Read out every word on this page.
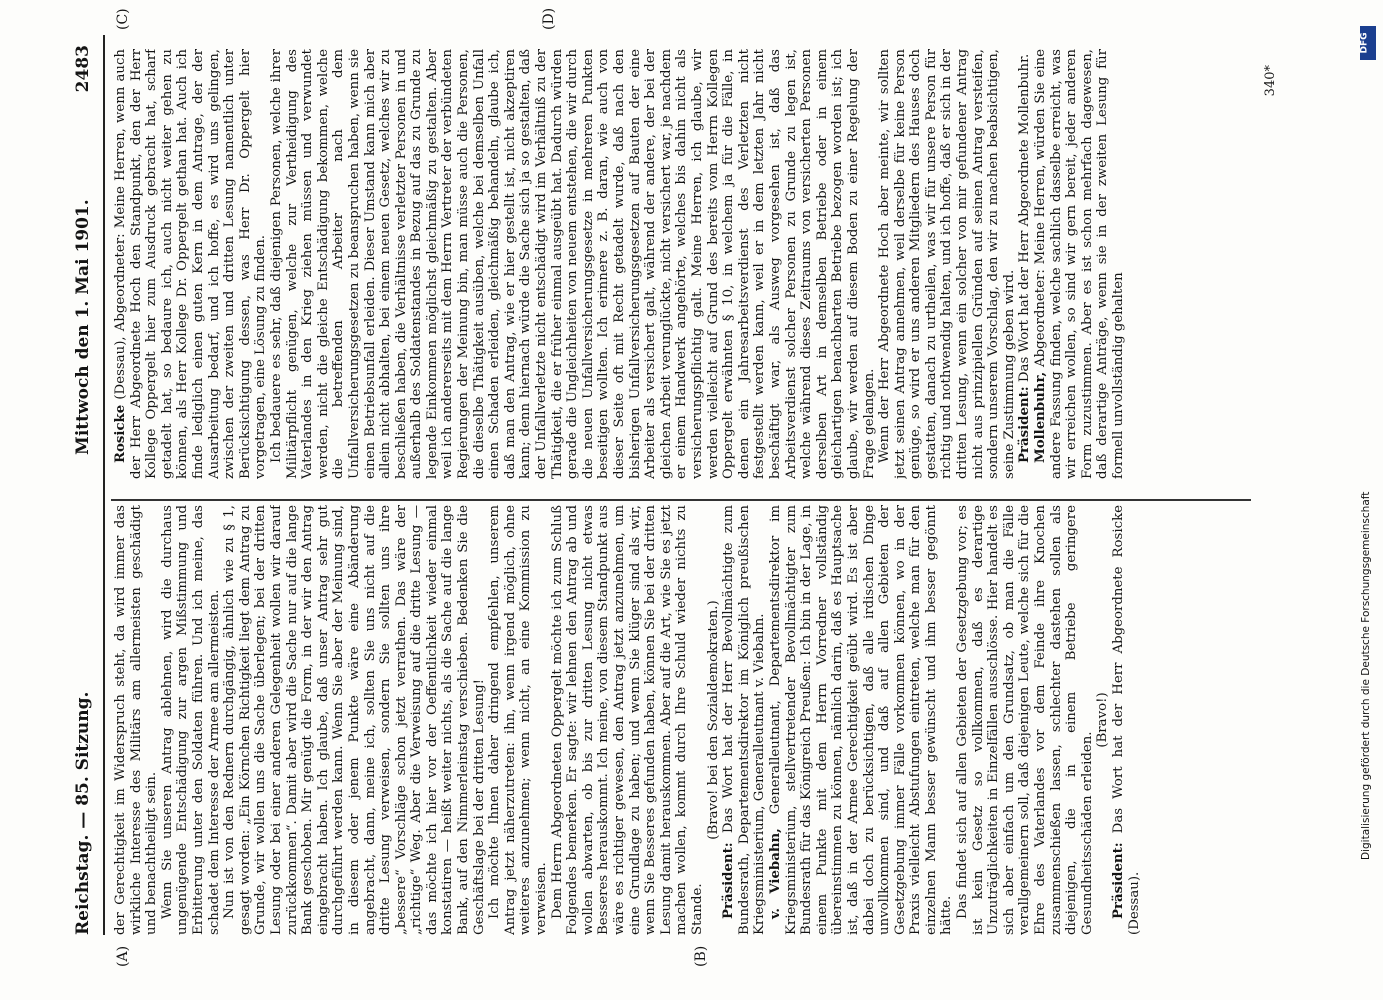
Reichstag. — 85. Sitzung.
Mittwoch den 1. Mai 1901.
2483
(A)	(B)
(C)	(D)

der Gerechtigkeit im Widerspruch steht, da wird immer das wirkliche Interesse des Militärs am allermeisten geschädigt und benachtheiligt sein. Wenn Sie unseren Antrag ablehnen, wird die durchaus ungenügende Entschädigung zur argen Mißstimmung und Erbitterung unter den Soldaten führen. Und ich meine, das schadet dem Interesse der Armee am allermeisten. Nun ist von den Rednern durchgängig, ähnlich wie zu § 1, gesagt worden: „Ein Körnchen Richtigkeit liegt dem Antrag zu Grunde, wir wollen uns die Sache überlegen; bei der dritten Lesung oder bei einer anderen Gelegenheit wollen wir darauf zurückkommen“. Damit aber wird die Sache nur auf die lange Bank geschoben. Mir genügt die Form, in der wir den Antrag eingebracht haben. Ich glaube, daß unser Antrag sehr gut durchgeführt werden kann. Wenn Sie aber der Meinung sind, in diesem oder jenem Punkte wäre eine Abänderung angebracht, dann, meine ich, sollten Sie uns nicht auf die dritte Lesung verweisen, sondern Sie sollten uns ihre „bessere“ Vorschläge schon jetzt verrathen. Das wäre der „richtige“ Weg. Aber die Verweisung auf die dritte Lesung — das möchte ich hier vor der Oeffentlichkeit wieder einmal konstatiren — heißt weiter nichts, als die Sache auf die lange Bank, auf den Nimmerleinstag verschieben. Bedenken Sie die Geschäftslage bei der dritten Lesung! Ich möchte Ihnen daher dringend empfehlen, unserem Antrag jetzt näherzutreten: ihn, wenn irgend möglich, ohne weiteres anzunehmen; wenn nicht, an eine Kommission zu verweisen. Dem Herrn Abgeordneten Oppergelt möchte ich zum Schluß Folgendes bemerken. Er sagte: wir lehnen den Antrag ab und wollen abwarten, ob bis zur dritten Lesung nicht etwas Besseres herauskommt. Ich meine, von diesem Standpunkt aus wäre es richtiger gewesen, den Antrag jetzt anzunehmen, um eine Grundlage zu haben; und wenn Sie klüger sind als wir, wenn Sie Besseres gefunden haben, können Sie bei der dritten Lesung damit herauskommen. Aber auf die Art, wie Sie es jetzt machen wollen, kommt durch Ihre Schuld wieder nichts zu Stande.

(Bravo! bei den Sozialdemokraten.)

Präsident: Das Wort hat der Herr Bevollmächtigte zum Bundesrath, Departementsdirektor im Königlich preußischen Kriegsministerium, Generalleutnant v. Viebahn. v. Viebahn, Generalleutnant, Departementsdirektor im Kriegsministerium, stellvertretender Bevollmächtigter zum Bundesrath für das Königreich Preußen: Ich bin in der Lage, in einem Punkte mit dem Herrn Vorredner vollständig übereinstimmen zu können, nämlich darin, daß es Hauptsache ist, daß in der Armee Gerechtigkeit geübt wird. Es ist aber dabei doch zu berücksichtigen, daß alle irdischen Dinge unvollkommen sind, und daß auf allen Gebieten der Gesetzgebung immer Fälle vorkommen können, wo in der Praxis vielleicht Abstufungen eintreten, welche man für den einzelnen Mann besser gewünscht und ihm besser gegönnt hätte. Das findet sich auf allen Gebieten der Gesetzgebung vor; es ist kein Gesetz so vollkommen, daß es derartige Unzuträglichkeiten in Einzelfällen ausschlösse. Hier handelt es sich aber einfach um den Grundsatz, ob man die Fälle verallgemeinern soll, daß diejenigen Leute, welche sich für die Ehre des Vaterlandes vor dem Feinde ihre Knochen zusammenschießen lassen, schlechter dastehen sollen als diejenigen, die in einem Betriebe geringere Gesundheitsschäden erleiden.

(Bravo!)

Präsident: Das Wort hat der Herr Abgeordnete Rosicke (Dessau).

Rosicke (Dessau), Abgeordneter: Meine Herren, wenn auch der Herr Abgeordnete Hoch den Standpunkt, den der Herr Kollege Oppergelt hier zum Ausdruck gebracht hat, scharf getadelt hat, so bedaure ich, auch nicht weiter gehen zu können, als Herr Kollege Dr. Oppergelt gethan hat. Auch ich finde lediglich einen guten Kern in dem Antrage, der der Ausarbeitung bedarf, und ich hoffe, es wird uns gelingen, zwischen der zweiten und dritten Lesung namentlich unter Berücksichtigung dessen, was Herr Dr. Oppergelt hier vorgetragen, eine Lösung zu finden. Ich bedauere es sehr, daß diejenigen Personen, welche ihrer Militärpflicht genügen, welche zur Vertheidigung des Vaterlandes in den Krieg ziehen müssen und verwundet werden, nicht die gleiche Entschädigung bekommen, welche die betreffenden Arbeiter nach dem Unfallversicherungsgesetzen zu beanspruchen haben, wenn sie einen Betriebsunfall erleiden. Dieser Umstand kann mich aber allein nicht abhalten, bei einem neuen Gesetz, welches wir zu beschließen haben, die Verhältnisse verletzter Personen in und außerhalb des Soldatenstandes in Bezug auf das zu Grunde zu legende Einkommen möglichst gleichmäßig zu gestalten. Aber weil ich andererseits mit dem Herrn Vertreter der verbündeten Regierungen der Meinung bin, man müsse auch die Personen, die dieselbe Thätigkeit ausüben, welche bei demselben Unfall einen Schaden erleiden, gleichmäßig behandeln, glaube ich, daß man den Antrag, wie er hier gestellt ist, nicht akzeptiren kann; denn hiernach würde die Sache sich ja so gestalten, daß der Unfallverletzte nicht entschädigt wird im Verhältniß zu der Thätigkeit, die er früher einmal ausgeübt hat. Dadurch würden gerade die Ungleichheiten von neuem entstehen, die wir durch die neuen Unfallversicherungsgesetze in mehreren Punkten beseitigen wollten. Ich erinnere z. B. daran, wie auch von dieser Seite oft mit Recht getadelt wurde, daß nach den bisherigen Unfallversicherungsgesetzen auf Bauten der eine Arbeiter als versichert galt, während der andere, der bei der gleichen Arbeit verunglückte, nicht versichert war, je nachdem er einem Handwerk angehörte, welches bis dahin nicht als versicherungspflichtig galt. Meine Herren, ich glaube, wir werden vielleicht auf Grund des bereits vom Herrn Kollegen Oppergelt erwähnten § 10, in welchem ja für die Fälle, in denen ein Jahresarbeitsverdienst des Verletzten nicht festgestellt werden kann, weil er in dem letzten Jahr nicht beschäftigt war, als Ausweg vorgesehen ist, daß das Arbeitsverdienst solcher Personen zu Grunde zu legen ist, welche während dieses Zeitraums von versicherten Personen derselben Art in demselben Betriebe oder in einem gleichartigen benachbarten Betriebe bezogen worden ist; ich glaube, wir werden auf diesem Boden zu einer Regelung der Frage gelangen. Wenn der Herr Abgeordnete Hoch aber meinte, wir sollten jetzt seinen Antrag annehmen, weil derselbe für keine Person genüge, so wird er uns anderen Mitgliedern des Hauses doch gestatten, danach zu urtheilen, was wir für unsere Person für richtig und nothwendig halten, und ich hoffe, daß er sich in der dritten Lesung, wenn ein solcher von mir gefundener Antrag nicht aus prinzipiellen Gründen auf seinen Antrag versteifen, sondern unserem Vorschlag, den wir zu machen beabsichtigen, seine Zustimmung geben wird. Präsident: Das Wort hat der Herr Abgeordnete Mollenbuhr.

Mollenbuhr, Abgeordneter: Meine Herren, würden Sie eine andere Fassung finden, welche sachlich dasselbe erreicht, was wir erreichen wollen, so sind wir gern bereit, jeder anderen Form zuzustimmen. Aber es ist schon mehrfach dagewesen, daß derartige Anträge, wenn sie in der zweiten Lesung für formell unvollständig gehalten

340*
DFG
Digitalisierung gefördert durch die Deutsche Forschungsgemeinschaft
